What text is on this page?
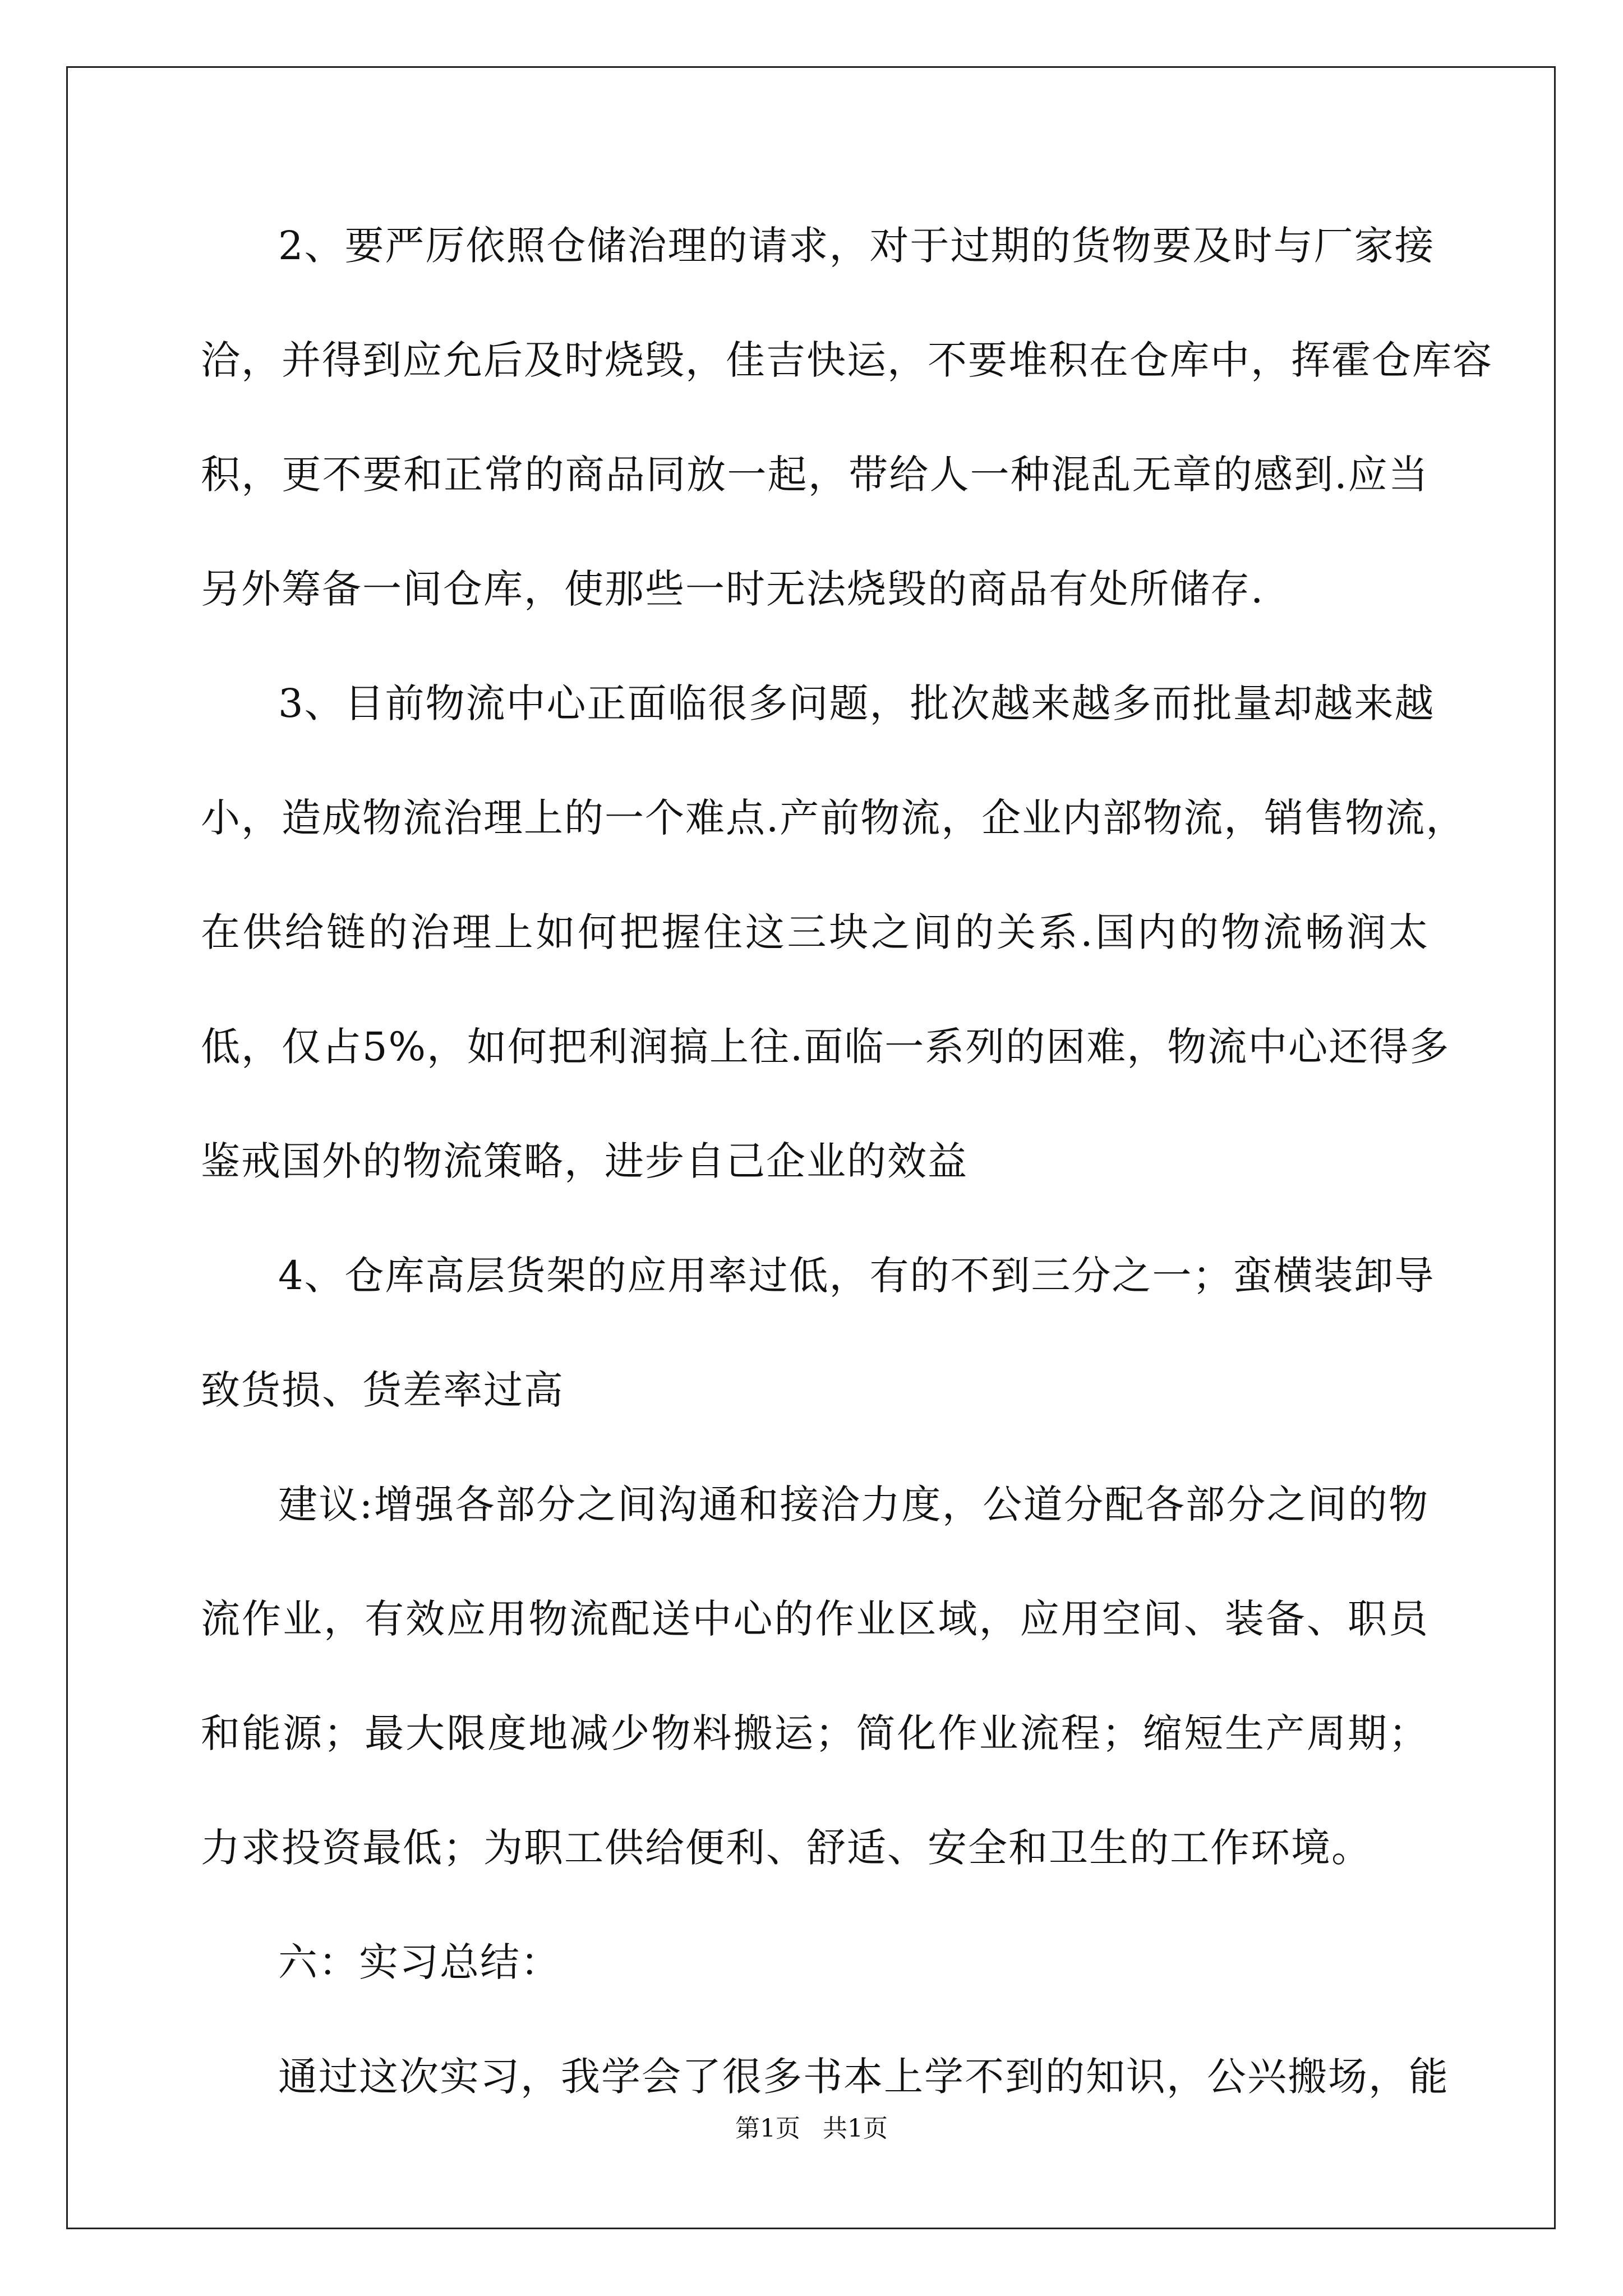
2、要严厉依照仓储治理的请求，对于过期的货物要及时与厂家接
洽，并得到应允后及时烧毁，佳吉快运，不要堆积在仓库中，挥霍仓库容
积，更不要和正常的商品同放一起，带给人一种混乱无章的感到.应当
另外筹备一间仓库，使那些一时无法烧毁的商品有处所储存.
3、目前物流中心正面临很多问题，批次越来越多而批量却越来越
小，造成物流治理上的一个难点.产前物流，企业内部物流，销售物流，
在供给链的治理上如何把握住这三块之间的关系.国内的物流畅润太
低，仅占5%，如何把利润搞上往.面临一系列的困难，物流中心还得多
鉴戒国外的物流策略，进步自己企业的效益
4、仓库高层货架的应用率过低，有的不到三分之一；蛮横装卸导
致货损、货差率过高
建议:增强各部分之间沟通和接洽力度，公道分配各部分之间的物
流作业，有效应用物流配送中心的作业区域，应用空间、装备、职员
和能源；最大限度地减少物料搬运；简化作业流程；缩短生产周期；
力求投资最低；为职工供给便利、舒适、安全和卫生的工作环境。
六：实习总结：
通过这次实习，我学会了很多书本上学不到的知识，公兴搬场，能
第1页 共1页
